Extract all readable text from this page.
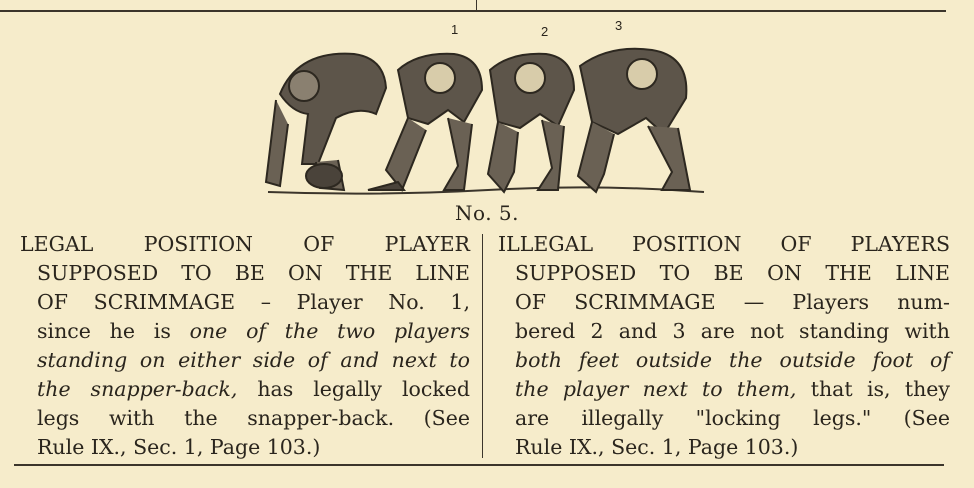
1	2	3
No. 5.
LEGAL POSITION OF PLAYER
SUPPOSED TO BE ON THE LINE
OF SCRIMMAGE – Player No. 1,
since he is one of the two players
standing on either side of and next to
the snapper-back, has legally locked
legs with the snapper-back. (See
Rule IX., Sec. 1, Page 103.)
ILLEGAL POSITION OF PLAYERS
SUPPOSED TO BE ON THE LINE
OF SCRIMMAGE — Players num-
bered 2 and 3 are not standing with
both feet outside the outside foot of
the player next to them, that is, they
are illegally "locking legs." (See
Rule IX., Sec. 1, Page 103.)
